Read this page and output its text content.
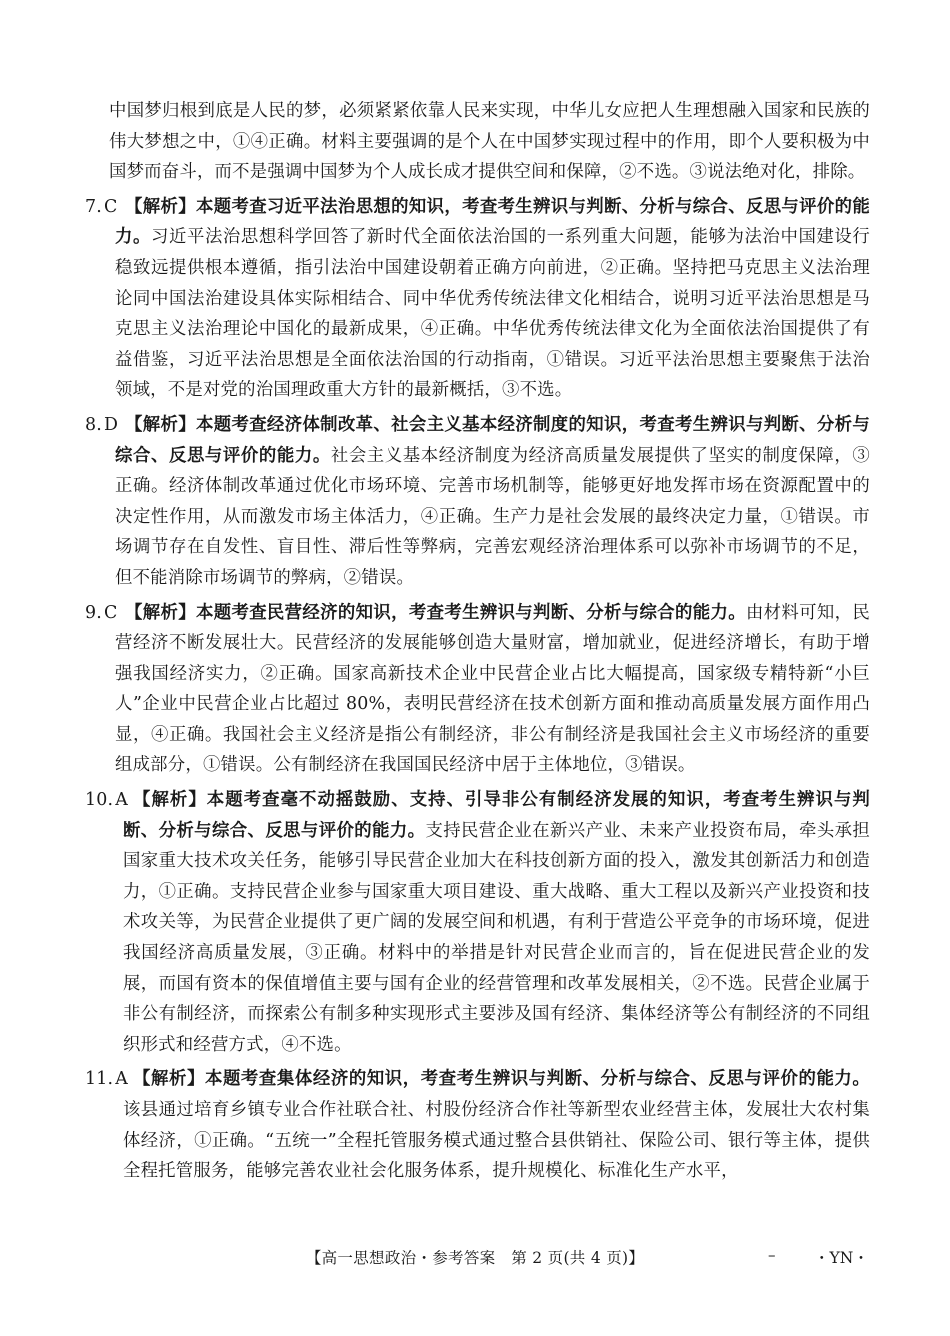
中国梦归根到底是人民的梦，必须紧紧依靠人民来实现，中华儿女应把人生理想融入国家和民族的伟大梦想之中，①④正确。材料主要强调的是个人在中国梦实现过程中的作用，即个人要积极为中国梦而奋斗，而不是强调中国梦为个人成长成才提供空间和保障，②不选。③说法绝对化，排除。
7. C 【解析】本题考查习近平法治思想的知识，考查考生辨识与判断、分析与综合、反思与评价的能力。习近平法治思想科学回答了新时代全面依法治国的一系列重大问题，能够为法治中国建设行稳致远提供根本遵循，指引法治中国建设朝着正确方向前进，②正确。坚持把马克思主义法治理论同中国法治建设具体实际相结合、同中华优秀传统法律文化相结合，说明习近平法治思想是马克思主义法治理论中国化的最新成果，④正确。中华优秀传统法律文化为全面依法治国提供了有益借鉴，习近平法治思想是全面依法治国的行动指南，①错误。习近平法治思想主要聚焦于法治领域，不是对党的治国理政重大方针的最新概括，③不选。
8. D 【解析】本题考查经济体制改革、社会主义基本经济制度的知识，考查考生辨识与判断、分析与综合、反思与评价的能力。社会主义基本经济制度为经济高质量发展提供了坚实的制度保障，③正确。经济体制改革通过优化市场环境、完善市场机制等，能够更好地发挥市场在资源配置中的决定性作用，从而激发市场主体活力，④正确。生产力是社会发展的最终决定力量，①错误。市场调节存在自发性、盲目性、滞后性等弊病，完善宏观经济治理体系可以弥补市场调节的不足，但不能消除市场调节的弊病，②错误。
9. C 【解析】本题考查民营经济的知识，考查考生辨识与判断、分析与综合的能力。由材料可知，民营经济不断发展壮大。民营经济的发展能够创造大量财富，增加就业，促进经济增长，有助于增强我国经济实力，②正确。国家高新技术企业中民营企业占比大幅提高，国家级专精特新“小巨人”企业中民营企业占比超过 80%，表明民营经济在技术创新方面和推动高质量发展方面作用凸显，④正确。我国社会主义经济是指公有制经济，非公有制经济是我国社会主义市场经济的重要组成部分，①错误。公有制经济在我国国民经济中居于主体地位，③错误。
10. A 【解析】本题考查毫不动摇鼓励、支持、引导非公有制经济发展的知识，考查考生辨识与判断、分析与综合、反思与评价的能力。支持民营企业在新兴产业、未来产业投资布局，牵头承担国家重大技术攻关任务，能够引导民营企业加大在科技创新方面的投入，激发其创新活力和创造力，①正确。支持民营企业参与国家重大项目建设、重大战略、重大工程以及新兴产业投资和技术攻关等，为民营企业提供了更广阔的发展空间和机遇，有利于营造公平竞争的市场环境，促进我国经济高质量发展，③正确。材料中的举措是针对民营企业而言的，旨在促进民营企业的发展，而国有资本的保值增值主要与国有企业的经营管理和改革发展相关，②不选。民营企业属于非公有制经济，而探索公有制多种实现形式主要涉及国有经济、集体经济等公有制经济的不同组织形式和经营方式，④不选。
11. A 【解析】本题考查集体经济的知识，考查考生辨识与判断、分析与综合、反思与评价的能力。该县通过培育乡镇专业合作社联合社、村股份经济合作社等新型农业经营主体，发展壮大农村集体经济，①正确。“五统一”全程托管服务模式通过整合县供销社、保险公司、银行等主体，提供全程托管服务，能够完善农业社会化服务体系，提升规模化、标准化生产水平，
【高一思想政治・参考答案　第 2 页(共 4 页)】	– ・YN・
